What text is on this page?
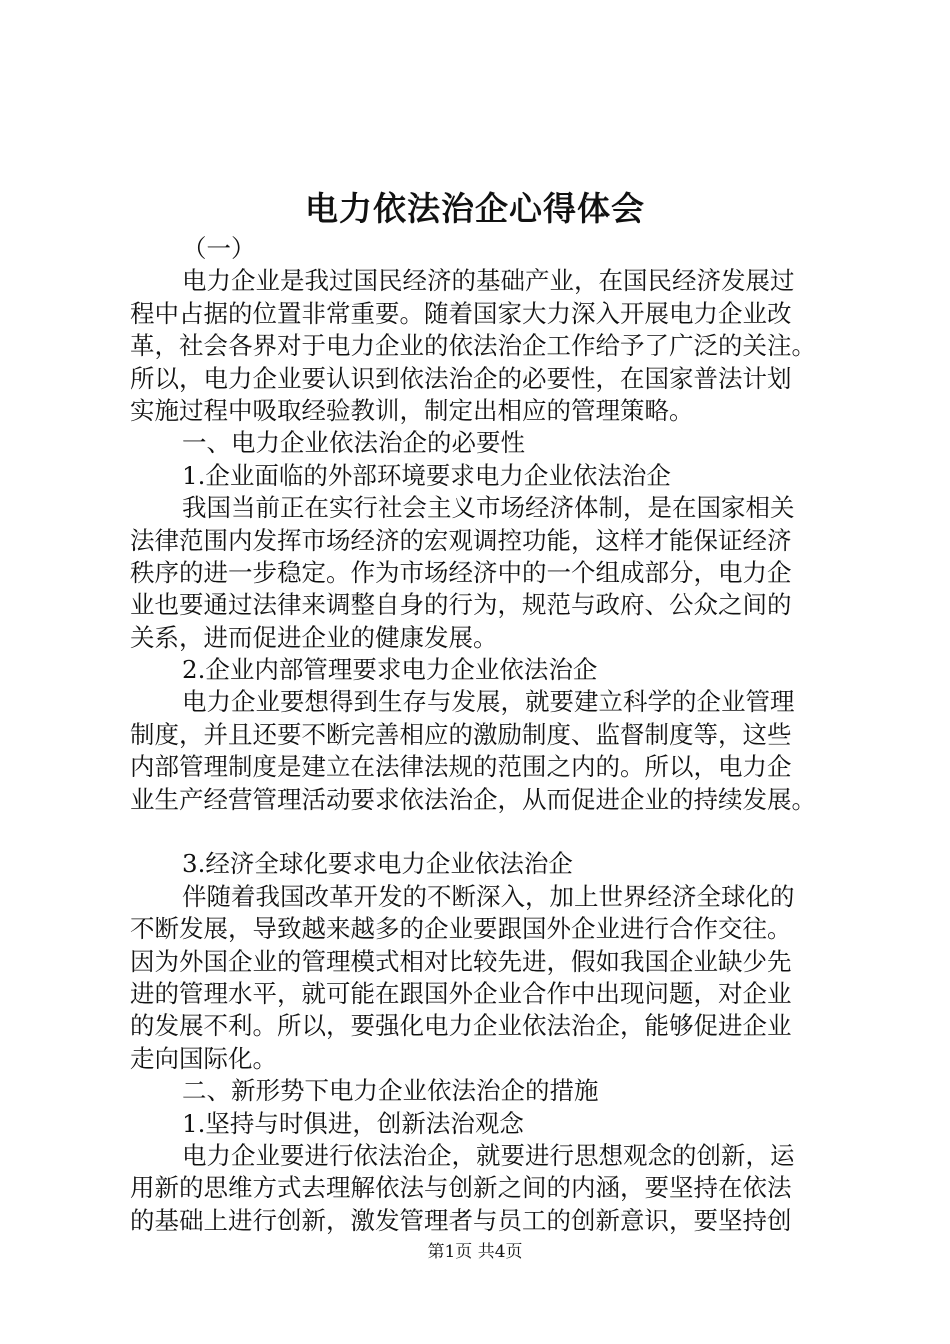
电力依法治企心得体会
（一）
电力企业是我过国民经济的基础产业，在国民经济发展过
程中占据的位置非常重要。随着国家大力深入开展电力企业改
革，社会各界对于电力企业的依法治企工作给予了广泛的关注。
所以，电力企业要认识到依法治企的必要性，在国家普法计划
实施过程中吸取经验教训，制定出相应的管理策略。
一、电力企业依法治企的必要性
1.企业面临的外部环境要求电力企业依法治企
我国当前正在实行社会主义市场经济体制，是在国家相关
法律范围内发挥市场经济的宏观调控功能，这样才能保证经济
秩序的进一步稳定。作为市场经济中的一个组成部分，电力企
业也要通过法律来调整自身的行为，规范与政府、公众之间的
关系，进而促进企业的健康发展。
2.企业内部管理要求电力企业依法治企
电力企业要想得到生存与发展，就要建立科学的企业管理
制度，并且还要不断完善相应的激励制度、监督制度等，这些
内部管理制度是建立在法律法规的范围之内的。所以，电力企
业生产经营管理活动要求依法治企，从而促进企业的持续发展。
3.经济全球化要求电力企业依法治企
伴随着我国改革开发的不断深入，加上世界经济全球化的
不断发展，导致越来越多的企业要跟国外企业进行合作交往。
因为外国企业的管理模式相对比较先进，假如我国企业缺少先
进的管理水平，就可能在跟国外企业合作中出现问题，对企业
的发展不利。所以，要强化电力企业依法治企，能够促进企业
走向国际化。
二、新形势下电力企业依法治企的措施
1.坚持与时俱进，创新法治观念
电力企业要进行依法治企，就要进行思想观念的创新，运
用新的思维方式去理解依法与创新之间的内涵，要坚持在依法
的基础上进行创新，激发管理者与员工的创新意识，要坚持创
第1页 共4页
